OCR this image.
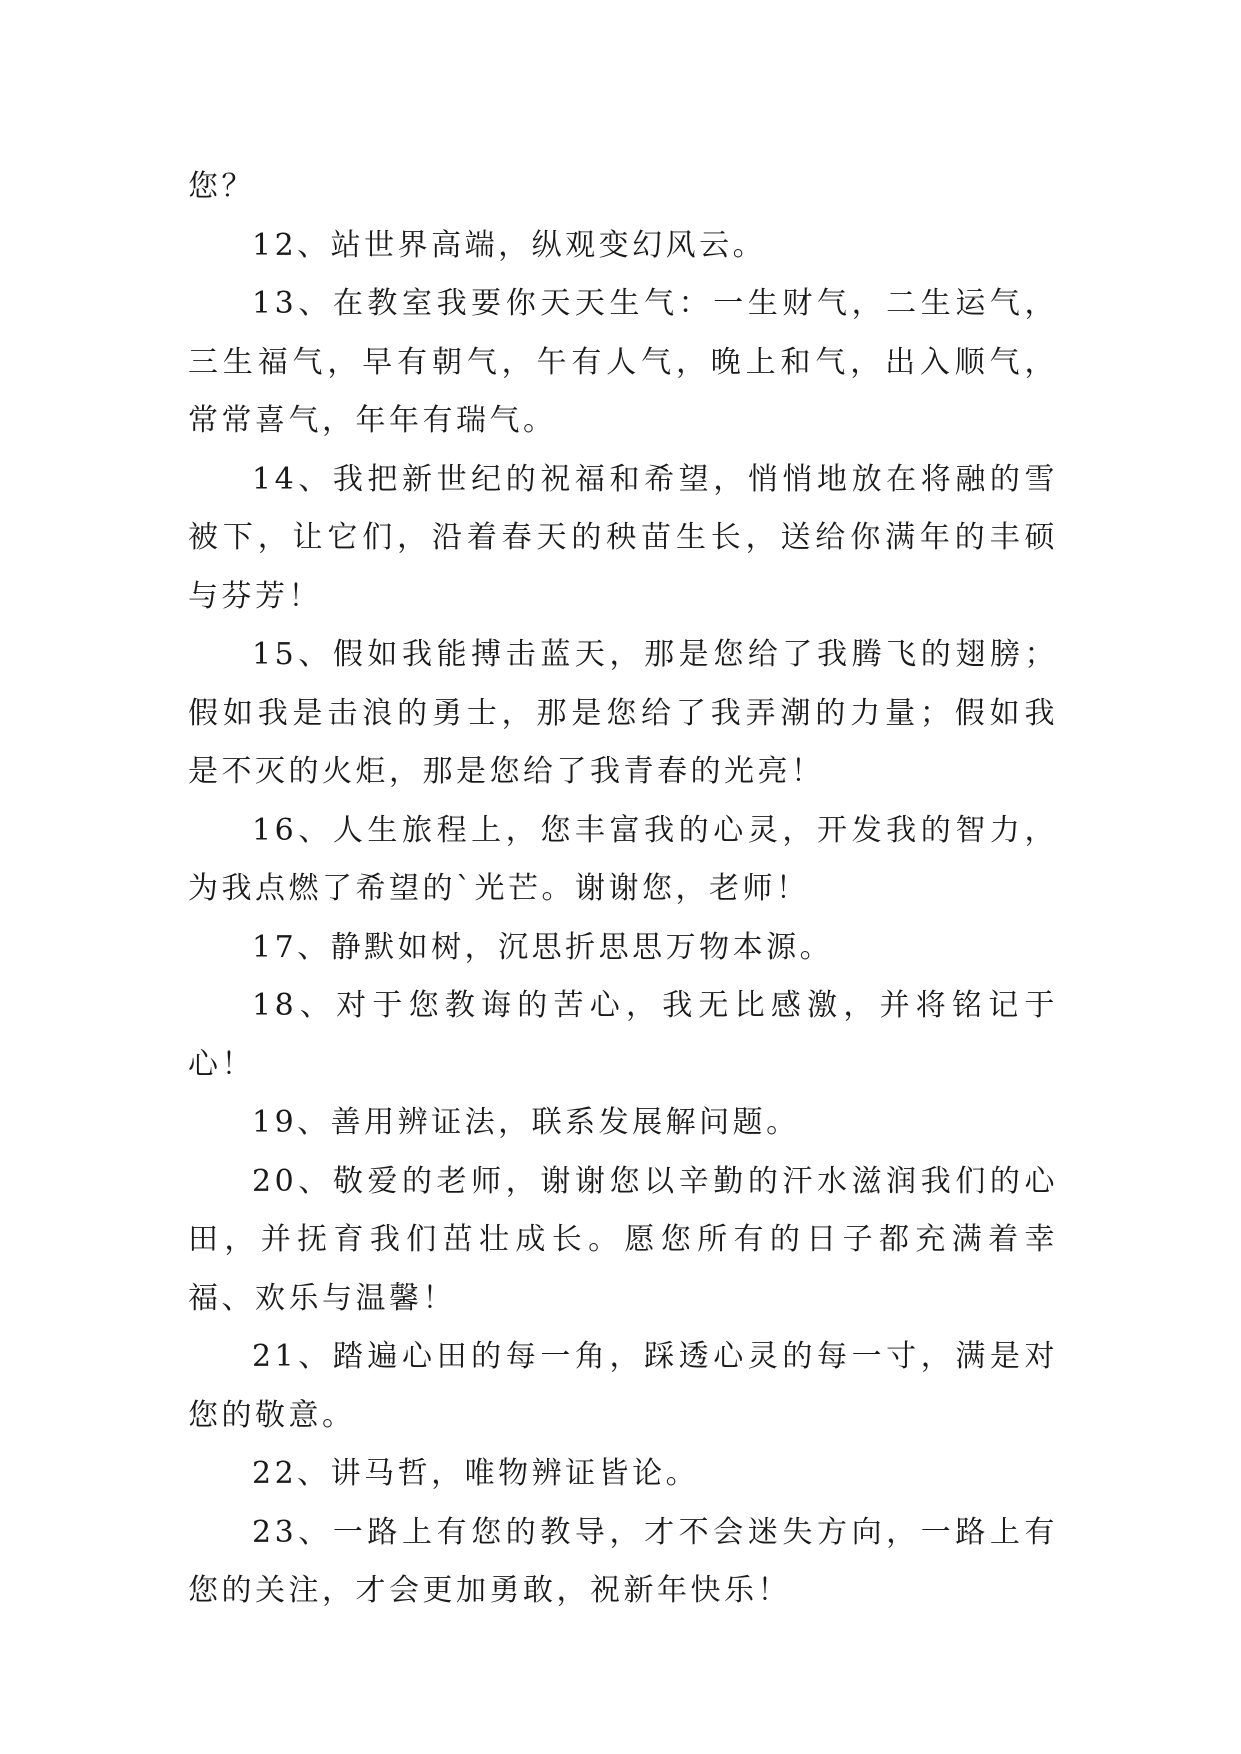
您？

12、站世界高端，纵观变幻风云。

13、在教室我要你天天生气：一生财气，二生运气，三生福气，早有朝气，午有人气，晚上和气，出入顺气，常常喜气，年年有瑞气。

14、我把新世纪的祝福和希望，悄悄地放在将融的雪被下，让它们，沿着春天的秧苗生长，送给你满年的丰硕与芬芳！

15、假如我能搏击蓝天，那是您给了我腾飞的翅膀；假如我是击浪的勇士，那是您给了我弄潮的力量；假如我是不灭的火炬，那是您给了我青春的光亮！

16、人生旅程上，您丰富我的心灵，开发我的智力，为我点燃了希望的`光芒。谢谢您，老师！

17、静默如树，沉思折思思万物本源。

18、对于您教诲的苦心，我无比感激，并将铭记于心！

19、善用辨证法，联系发展解问题。

20、敬爱的老师，谢谢您以辛勤的汗水滋润我们的心田，并抚育我们茁壮成长。愿您所有的日子都充满着幸福、欢乐与温馨！

21、踏遍心田的每一角，踩透心灵的每一寸，满是对您的敬意。

22、讲马哲，唯物辨证皆论。

23、一路上有您的教导，才不会迷失方向，一路上有您的关注，才会更加勇敢，祝新年快乐！
